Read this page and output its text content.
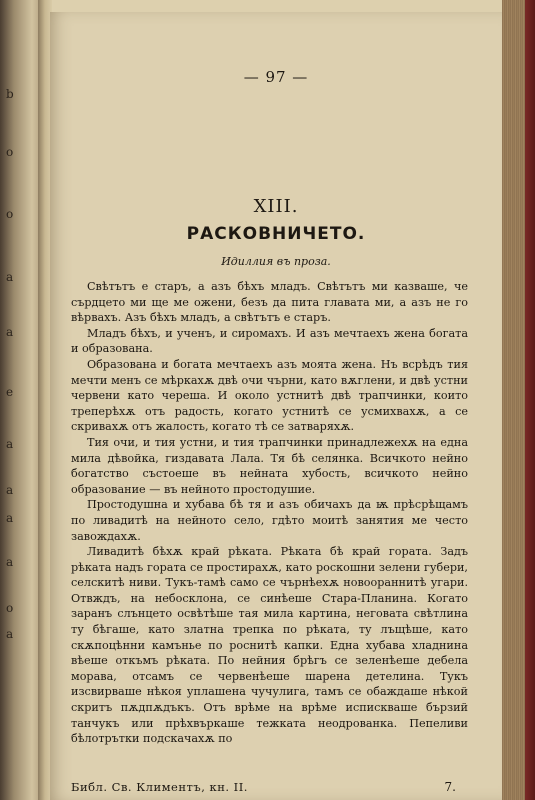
b
o
o
a
a
e
a
a
a
a
o
a
— 97 —
XIII.
РАСКОВНИЧЕТО.
Идиллия въ проза.

Свѣтътъ е старъ, а азъ бѣхъ младъ. Свѣтътъ ми казваше, че сърдцето ми ще ме ожени, безъ да пита главата ми, а азъ не го вѣрвахъ. Азъ бѣхъ младъ, а свѣтътъ е старъ.

Младъ бѣхъ, и ученъ, и сиромахъ. И азъ мечтаехъ жена богата и образована.

Образована и богата мечтаехъ азъ моята жена. Нъ всрѣдъ тия мечти менъ се мѣркахѫ двѣ очи чърни, като вѫглени, и двѣ устни червени като череша. И около устнитѣ двѣ трапчинки, които треперѣхѫ отъ радость, когато устнитѣ се усмихвахѫ, а се скривахѫ отъ жалость, когато тѣ се затваряхѫ.

Тия очи, и тия устни, и тия трапчинки принадлежехѫ на една мила дѣвойка, гиздавата Лала. Тя бѣ селянка. Всичкото нейно богатство състоеше въ нейната хубость, всичкото нейно образование — въ нейното простодушие.

Простодушна и хубава бѣ тя и азъ обичахъ да ѭ прѣсрѣщамъ по ливадитѣ на нейното село, гдѣто моитѣ занятия ме често завождахѫ.

Ливадитѣ бѣхѫ край рѣката. Рѣката бѣ край гората. Задъ рѣката надъ гората се простирахѫ, като роскошни зелени губери, селскитѣ ниви. Тукъ-тамѣ само се чърнѣехѫ новоораннитѣ угари. Отвждъ, на небосклона, се синѣеше Стара-Планина. Когато заранъ слънцето освѣтѣше тая мила картина, неговата свѣтлина ту бѣгаше, като златна трепка по рѣката, ту лъщѣше, като скѫпоцѣнни камънье по роснитѣ капки. Една хубава хладнина вѣеше откъмъ рѣката. По нейния брѣгъ се зеленѣеше дебела морава, отсамъ се червенѣеше шарена детелина. Тукъ изсвирваше нѣкоя уплашена чучулига, тамъ се обаждаше нѣкой скритъ пѫдпѫдъкъ. Отъ врѣме на врѣме испискваше бързий танчукъ или прѣхвъркаше тежката неодрованка. Пепеливи бѣлотрътки подскачахѫ по

Библ. Св. Климентъ, кн. II.	7.
